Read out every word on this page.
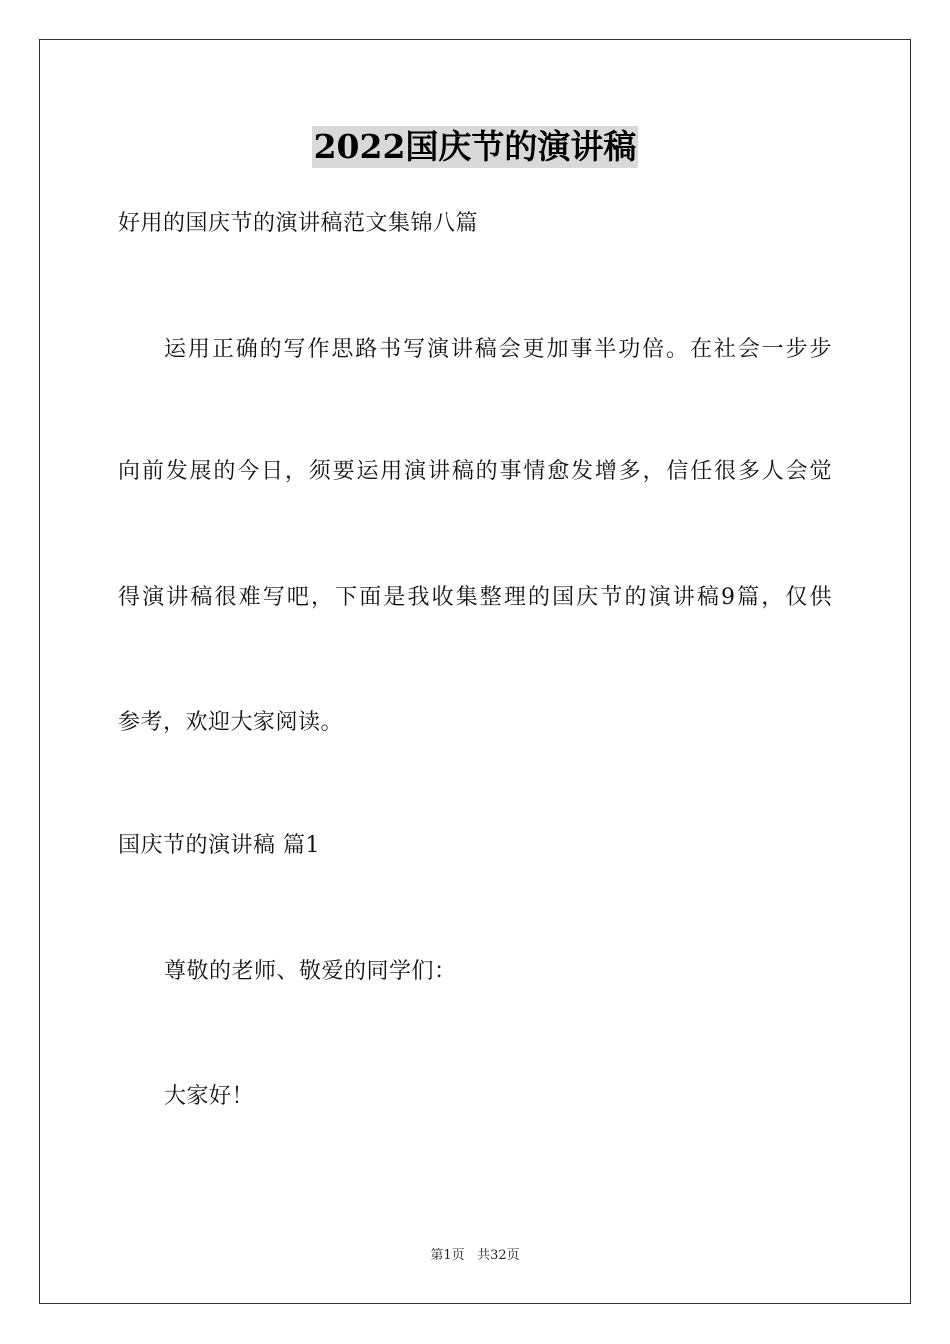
2022国庆节的演讲稿
好用的国庆节的演讲稿范文集锦八篇
运用正确的写作思路书写演讲稿会更加事半功倍。在社会一步步
向前发展的今日，须要运用演讲稿的事情愈发增多，信任很多人会觉
得演讲稿很难写吧，下面是我收集整理的国庆节的演讲稿9篇，仅供
参考，欢迎大家阅读。
国庆节的演讲稿 篇1
尊敬的老师、敬爱的同学们：
大家好！
第1页 共32页
